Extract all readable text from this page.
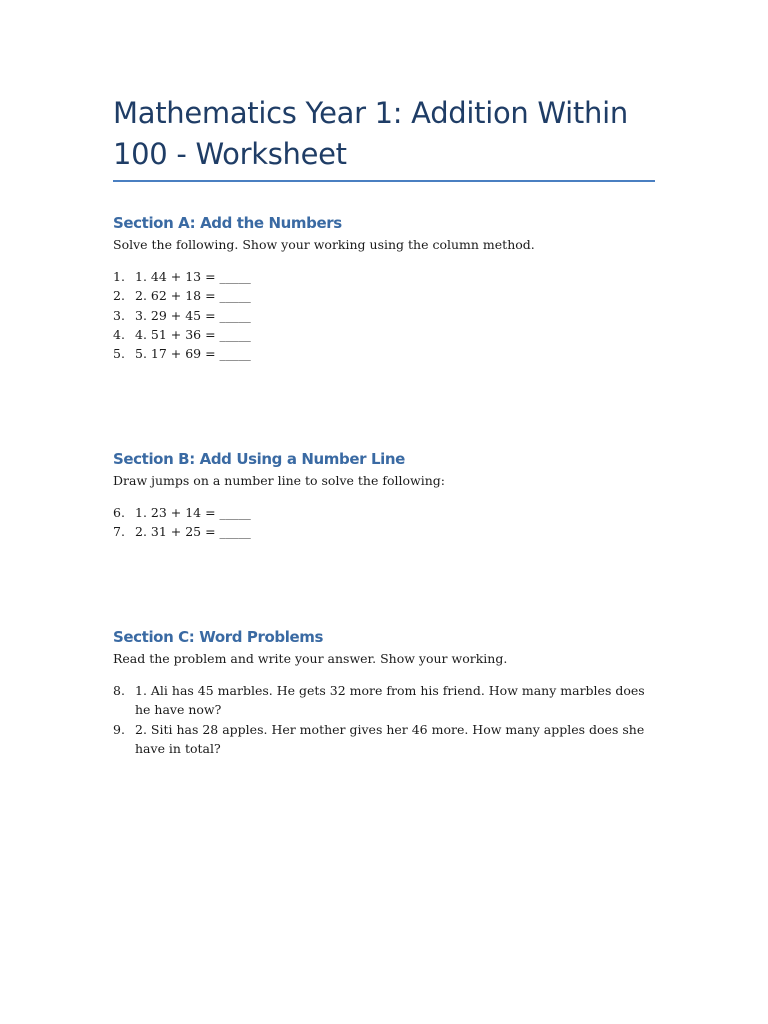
Mathematics Year 1: Addition Within 100 - Worksheet
Section A: Add the Numbers

Solve the following. Show your working using the column method.

1. 1. 44 + 13 = _____
2. 2. 62 + 18 = _____
3. 3. 29 + 45 = _____
4. 4. 51 + 36 = _____
5. 5. 17 + 69 = _____
Section B: Add Using a Number Line

Draw jumps on a number line to solve the following:

6. 1. 23 + 14 = _____
7. 2. 31 + 25 = _____
Section C: Word Problems

Read the problem and write your answer. Show your working.

8. 1. Ali has 45 marbles. He gets 32 more from his friend. How many marbles does he have now?
9. 2. Siti has 28 apples. Her mother gives her 46 more. How many apples does she have in total?
